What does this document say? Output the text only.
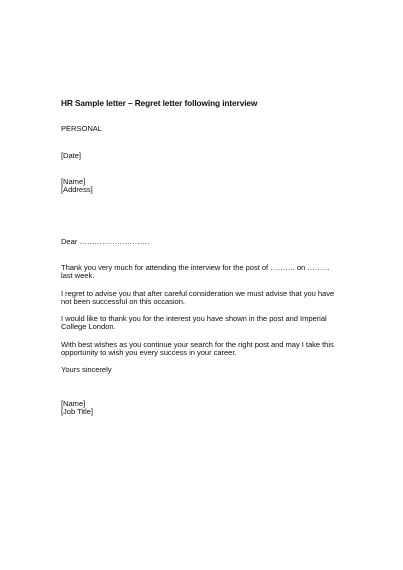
HR Sample letter – Regret letter following interview
PERSONAL
[Date]
[Name]
[Address]
Dear ……………………….
Thank you very much for attending the interview for the post of ………. on ………
last week.
I regret to advise you that after careful consideration we must advise that you have
not been successful on this occasion.
I would like to thank you for the interest you have shown in the post and Imperial
College London.
With best wishes as you continue your search for the right post and may I take this
opportunity to wish you every success in your career.
Yours sincerely
[Name]
[Job Title]
